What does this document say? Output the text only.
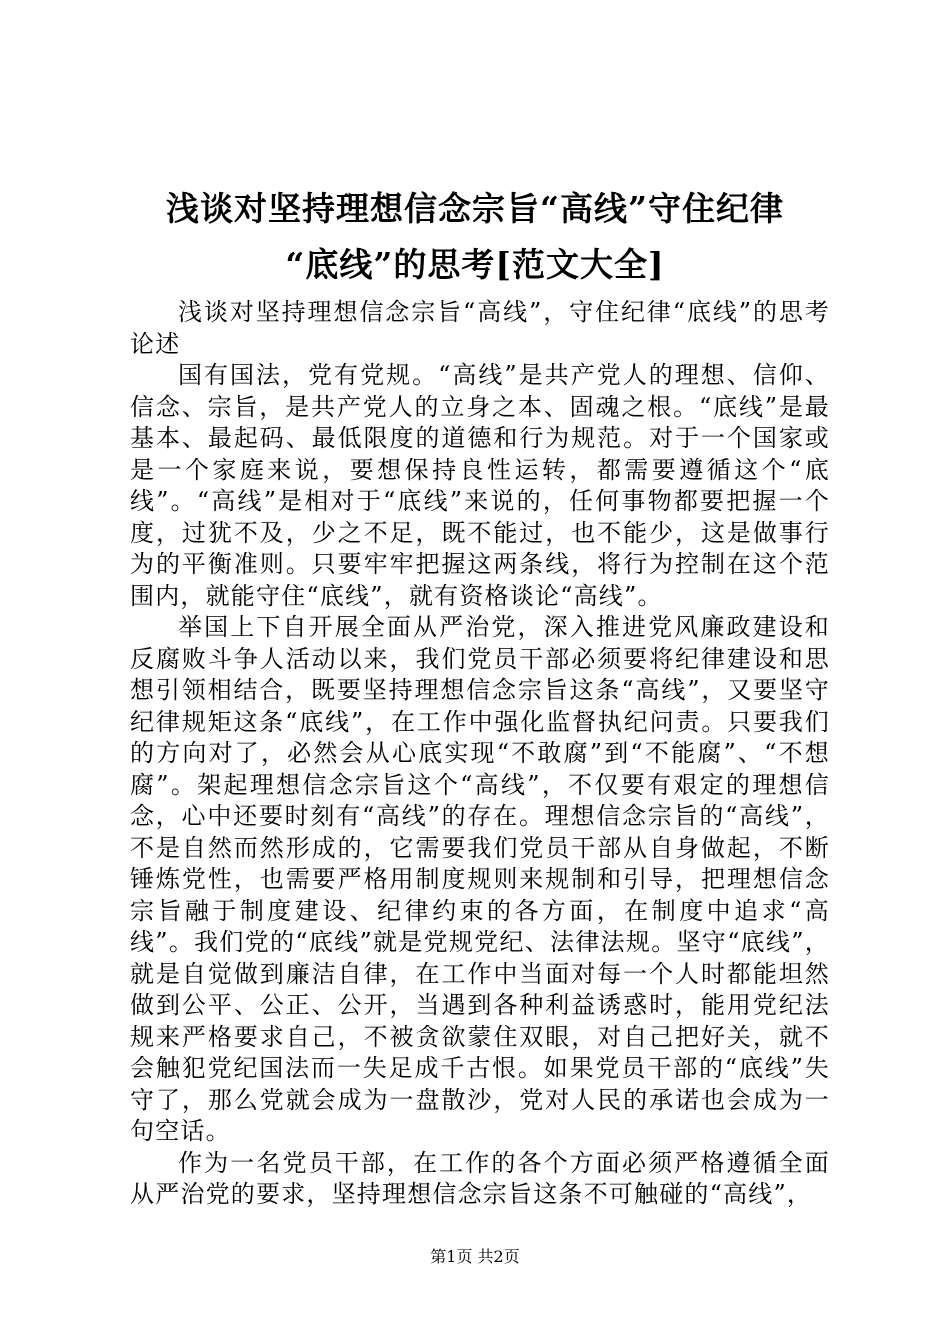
浅谈对坚持理想信念宗旨“高线”守住纪律
“底线”的思考[范文大全]

浅谈对坚持理想信念宗旨“高线”，守住纪律“底线”的思考论述

国有国法，党有党规。“高线”是共产党人的理想、信仰、信念、宗旨，是共产党人的立身之本、固魂之根。“底线”是最基本、最起码、最低限度的道德和行为规范。对于一个国家或是一个家庭来说，要想保持良性运转，都需要遵循这个“底线”。“高线”是相对于“底线”来说的，任何事物都要把握一个度，过犹不及，少之不足，既不能过，也不能少，这是做事行为的平衡准则。只要牢牢把握这两条线，将行为控制在这个范围内，就能守住“底线”，就有资格谈论“高线”。

举国上下自开展全面从严治党，深入推进党风廉政建设和反腐败斗争人活动以来，我们党员干部必须要将纪律建设和思想引领相结合，既要坚持理想信念宗旨这条“高线”，又要坚守纪律规矩这条“底线”，在工作中强化监督执纪问责。只要我们的方向对了，必然会从心底实现“不敢腐”到“不能腐”、“不想腐”。架起理想信念宗旨这个“高线”，不仅要有艰定的理想信念，心中还要时刻有“高线”的存在。理想信念宗旨的“高线”，不是自然而然形成的，它需要我们党员干部从自身做起，不断锤炼党性，也需要严格用制度规则来规制和引导，把理想信念宗旨融于制度建设、纪律约束的各方面，在制度中追求“高线”。我们党的“底线”就是党规党纪、法律法规。坚守“底线”，就是自觉做到廉洁自律，在工作中当面对每一个人时都能坦然做到公平、公正、公开，当遇到各种利益诱惑时，能用党纪法规来严格要求自己，不被贪欲蒙住双眼，对自己把好关，就不会触犯党纪国法而一失足成千古恨。如果党员干部的“底线”失守了，那么党就会成为一盘散沙，党对人民的承诺也会成为一句空话。

作为一名党员干部，在工作的各个方面必须严格遵循全面从严治党的要求，坚持理想信念宗旨这条不可触碰的“高线”，

第1页 共2页
